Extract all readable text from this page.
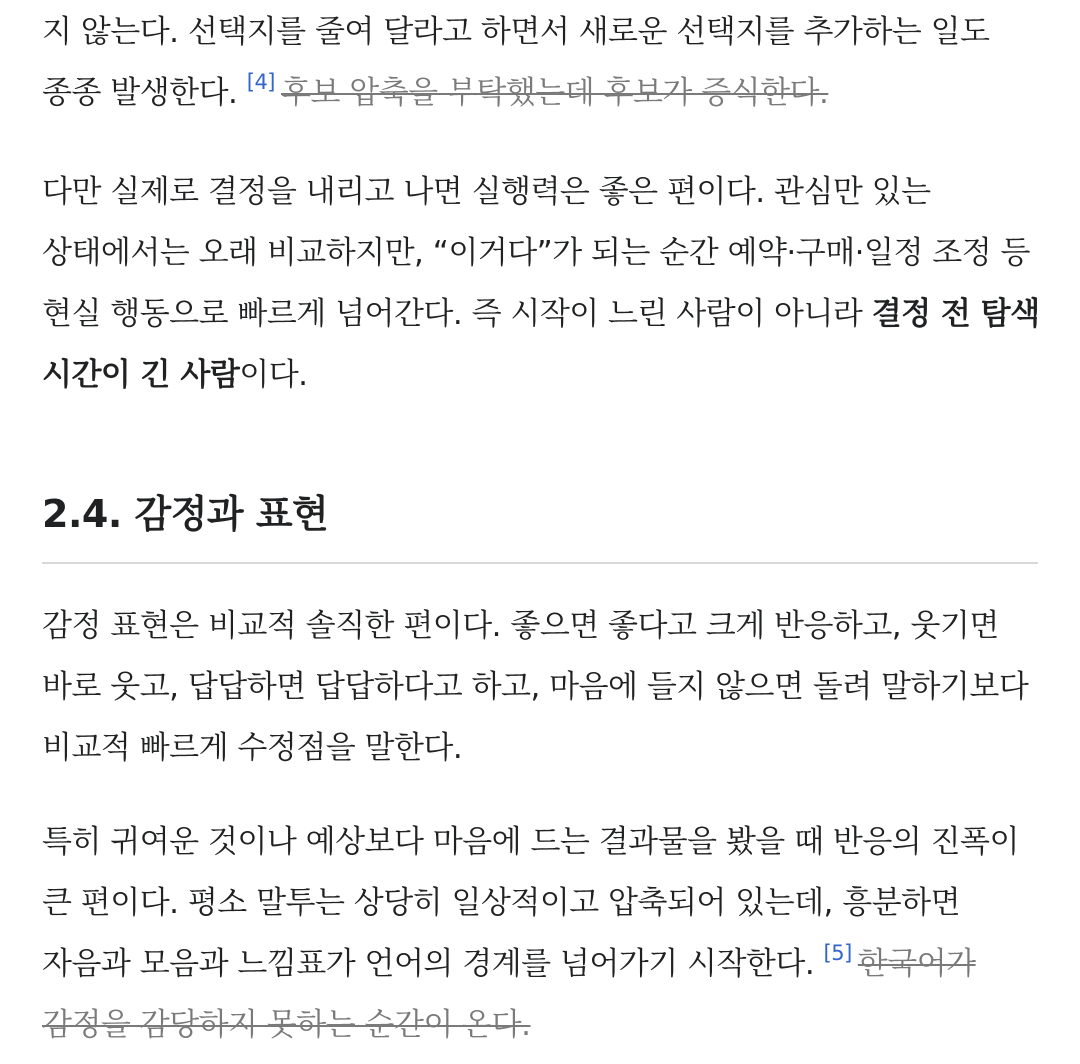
지 않는다. 선택지를 줄여 달라고 하면서 새로운 선택지를 추가하는 일도 종종 발생한다. [4] 후보 압축을 부탁했는데 후보가 증식한다.

다만 실제로 결정을 내리고 나면 실행력은 좋은 편이다. 관심만 있는 상태에서는 오래 비교하지만, “이거다”가 되는 순간 예약·구매·일정 조정 등 현실 행동으로 빠르게 넘어간다. 즉 시작이 느린 사람이 아니라 결정 전 탐색 시간이 긴 사람이다.

2.4. 감정과 표현

감정 표현은 비교적 솔직한 편이다. 좋으면 좋다고 크게 반응하고, 웃기면 바로 웃고, 답답하면 답답하다고 하고, 마음에 들지 않으면 돌려 말하기보다 비교적 빠르게 수정점을 말한다.

특히 귀여운 것이나 예상보다 마음에 드는 결과물을 봤을 때 반응의 진폭이 큰 편이다. 평소 말투는 상당히 일상적이고 압축되어 있는데, 흥분하면 자음과 모음과 느낌표가 언어의 경계를 넘어가기 시작한다. [5] 한국어가 감정을 감당하지 못하는 순간이 온다.
